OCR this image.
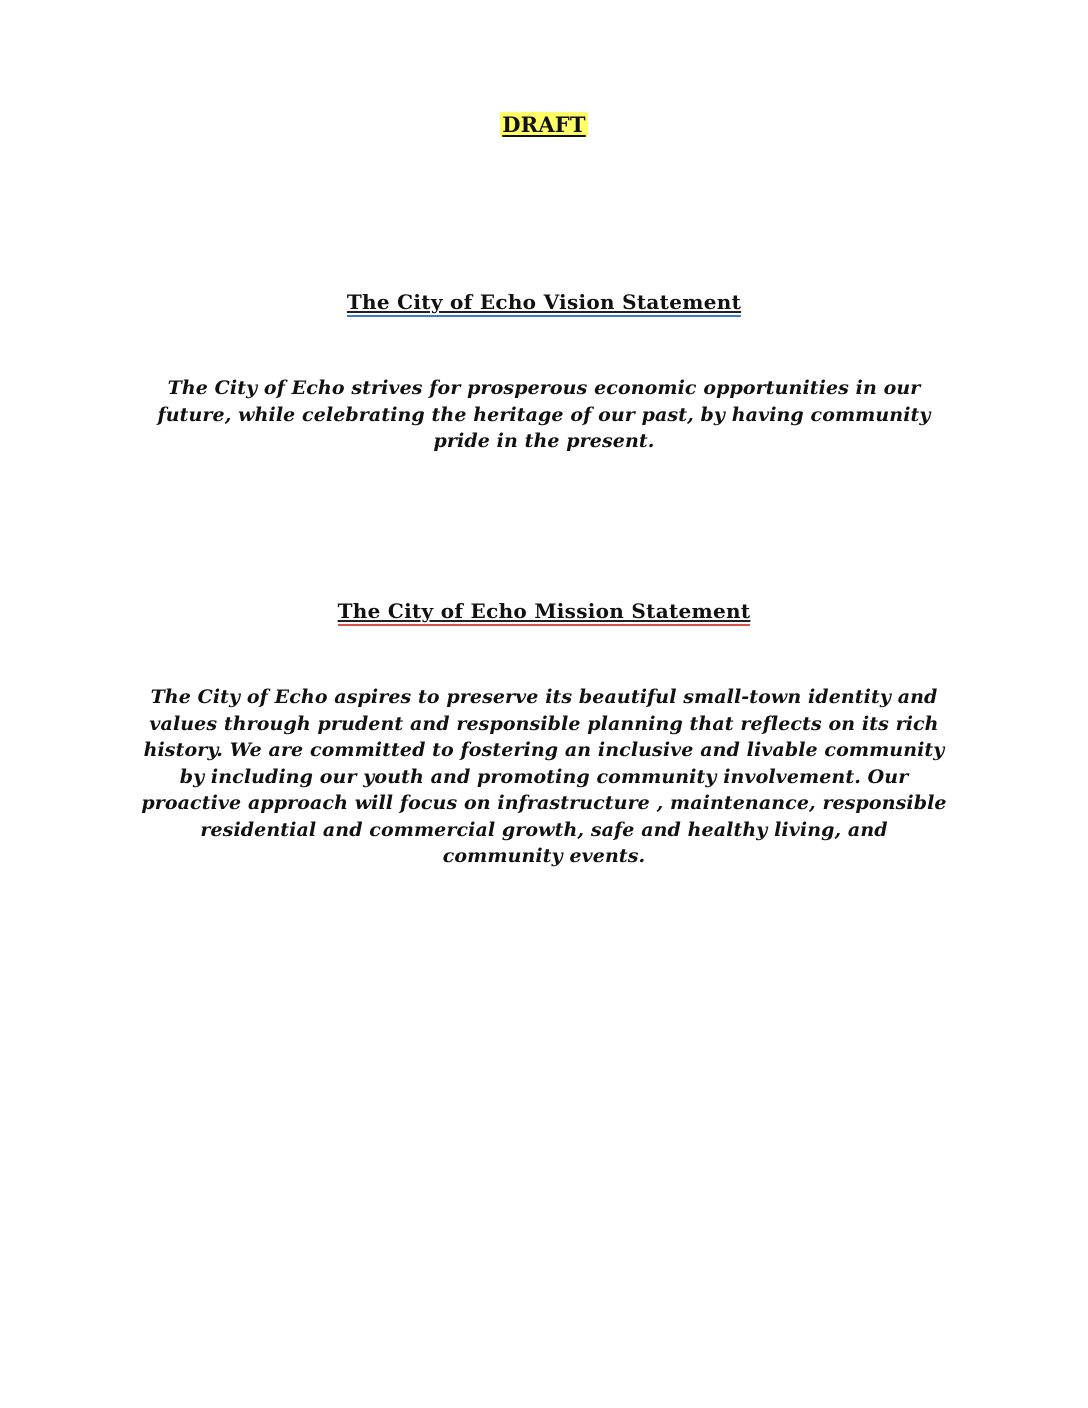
DRAFT
The City of Echo Vision Statement
The City of Echo strives for prosperous economic opportunities in our
future, while celebrating the heritage of our past, by having community
pride in the present.
The City of Echo Mission Statement
The City of Echo aspires to preserve its beautiful small-town identity and
values through prudent and responsible planning that reflects on its rich
history. We are committed to fostering an inclusive and livable community
by including our youth and promoting community involvement. Our
proactive approach will focus on infrastructure , maintenance, responsible
residential and commercial growth, safe and healthy living, and
community events.
